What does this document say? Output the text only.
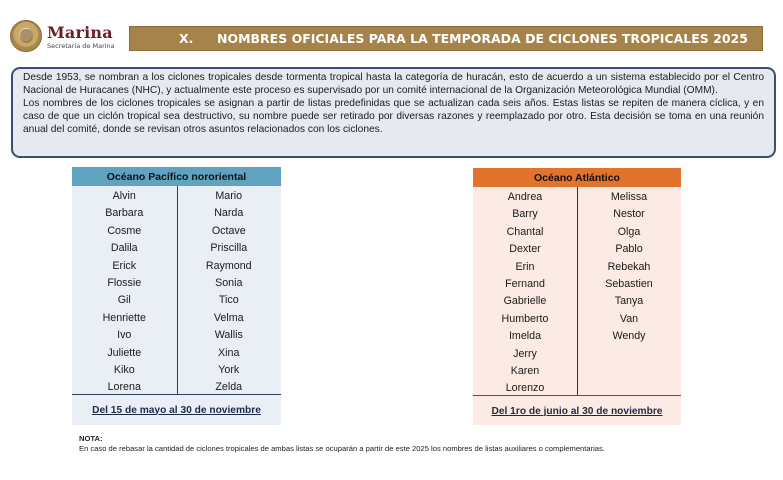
Marina
Secretaría de Marina	X.	NOMBRES OFICIALES PARA LA TEMPORADA DE CICLONES TROPICALES 2025

Desde 1953, se nombran a los ciclones tropicales desde tormenta tropical hasta la categoría de huracán, esto de acuerdo a un sistema establecido por el Centro Nacional de Huracanes (NHC), y actualmente este proceso es supervisado por un comité internacional de la Organización Meteorológica Mundial (OMM).

Los nombres de los ciclones tropicales se asignan a partir de listas predefinidas que se actualizan cada seis años. Estas listas se repiten de manera cíclica, y en caso de que un ciclón tropical sea destructivo, su nombre puede ser retirado por diversas razones y reemplazado por otro. Esta decisión se toma en una reunión anual del comité, donde se revisan otros asuntos relacionados con los ciclones.

Océano Pacífico nororiental
Alvin
Barbara
Cosme
Dalila
Erick
Flossie
Gil
Henriette
Ivo
Juliette
Kiko
Lorena
Mario
Narda
Octave
Priscilla
Raymond
Sonia
Tico
Velma
Wallis
Xina
York
Zelda
Del 15 de mayo al 30 de noviembre
Océano Atlántico
Andrea
Barry
Chantal
Dexter
Erin
Fernand
Gabrielle
Humberto
Imelda
Jerry
Karen
Lorenzo
Melissa
Nestor
Olga
Pablo
Rebekah
Sebastien
Tanya
Van
Wendy
Del 1ro de junio al 30 de noviembre
NOTA:
En caso de rebasar la cantidad de ciclones tropicales de ambas listas se ocuparán a partir de este 2025 los nombres de listas auxiliares o complementarias.
